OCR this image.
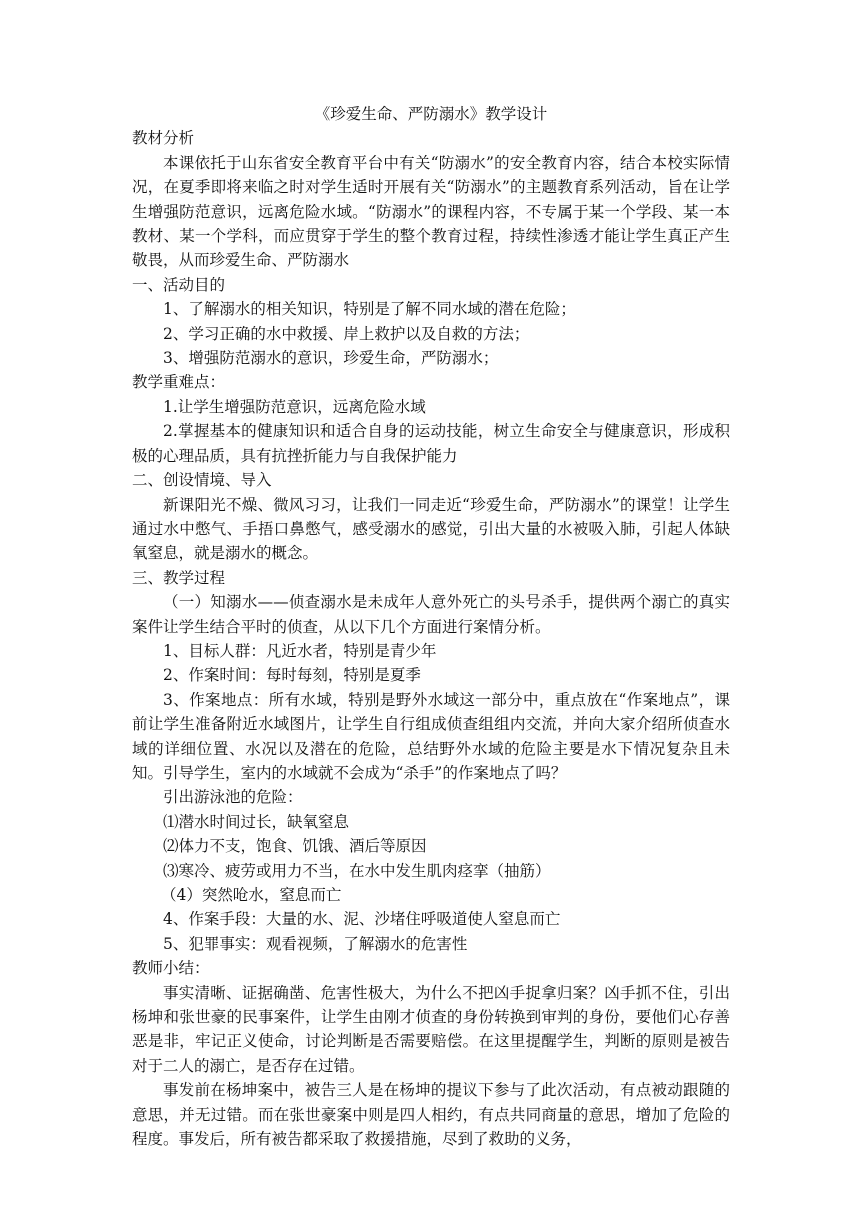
《珍爱生命、严防溺水》教学设计

教材分析

本课依托于山东省安全教育平台中有关“防溺水”的安全教育内容，结合本校实际情况，在夏季即将来临之时对学生适时开展有关“防溺水”的主题教育系列活动，旨在让学生增强防范意识，远离危险水域。“防溺水”的课程内容，不专属于某一个学段、某一本教材、某一个学科，而应贯穿于学生的整个教育过程，持续性渗透才能让学生真正产生敬畏，从而珍爱生命、严防溺水

一、活动目的

1、了解溺水的相关知识，特别是了解不同水域的潜在危险；

2、学习正确的水中救援、岸上救护以及自救的方法；

3、增强防范溺水的意识，珍爱生命，严防溺水；

教学重难点：

1.让学生增强防范意识，远离危险水域

2.掌握基本的健康知识和适合自身的运动技能，树立生命安全与健康意识，形成积极的心理品质，具有抗挫折能力与自我保护能力

二、创设情境、导入

新课阳光不燥、微风习习，让我们一同走近“珍爱生命，严防溺水”的课堂！让学生通过水中憋气、手捂口鼻憋气，感受溺水的感觉，引出大量的水被吸入肺，引起人体缺氧窒息，就是溺水的概念。

三、教学过程

（一）知溺水——侦查溺水是未成年人意外死亡的头号杀手，提供两个溺亡的真实案件让学生结合平时的侦查，从以下几个方面进行案情分析。

1、目标人群：凡近水者，特别是青少年

2、作案时间：每时每刻，特别是夏季

3、作案地点：所有水域，特别是野外水域这一部分中，重点放在“作案地点”，课前让学生准备附近水域图片，让学生自行组成侦查组组内交流，并向大家介绍所侦查水域的详细位置、水况以及潜在的危险，总结野外水域的危险主要是水下情况复杂且未知。引导学生，室内的水域就不会成为“杀手”的作案地点了吗？

引出游泳池的危险：

⑴潜水时间过长，缺氧窒息

⑵体力不支，饱食、饥饿、酒后等原因

⑶寒冷、疲劳或用力不当，在水中发生肌肉痉挛（抽筋）

（4）突然呛水，窒息而亡

4、作案手段：大量的水、泥、沙堵住呼吸道使人窒息而亡

5、犯罪事实：观看视频，了解溺水的危害性

教师小结：

事实清晰、证据确凿、危害性极大，为什么不把凶手捉拿归案？凶手抓不住，引出杨坤和张世豪的民事案件，让学生由刚才侦查的身份转换到审判的身份，要他们心存善恶是非，牢记正义使命，讨论判断是否需要赔偿。在这里提醒学生，判断的原则是被告对于二人的溺亡，是否存在过错。

事发前在杨坤案中，被告三人是在杨坤的提议下参与了此次活动，有点被动跟随的意思，并无过错。而在张世豪案中则是四人相约，有点共同商量的意思，增加了危险的程度。事发后，所有被告都采取了救援措施，尽到了救助的义务，
